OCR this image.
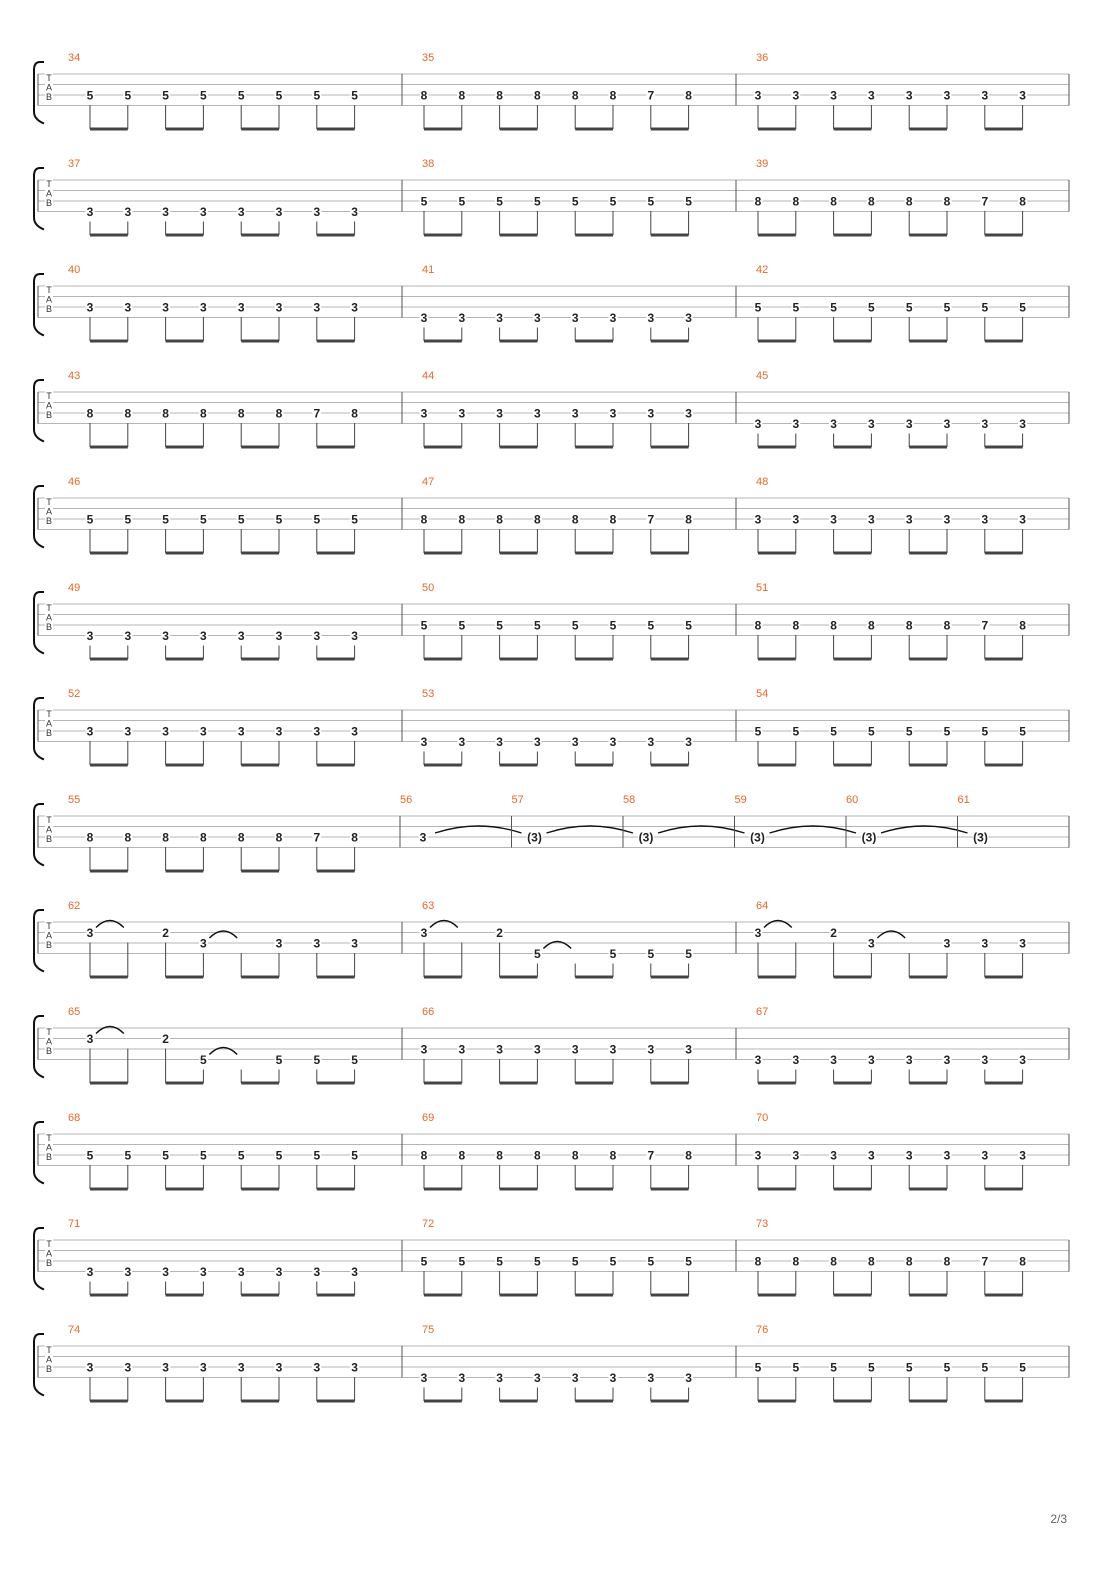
T
A
B
34
5	5	5	5	5	5	5	5
35
8	8	8	8	8	8	7	8
36
3	3	3	3	3	3	3	3
T
A
B
37
3	3	3	3	3	3	3	3
38
5	5	5	5	5	5	5	5
39
8	8	8	8	8	8	7	8
T
A
B
40
3	3	3	3	3	3	3	3
41
3	3	3	3	3	3	3	3
42
5	5	5	5	5	5	5	5
T
A
B
43
8	8	8	8	8	8	7	8
44
3	3	3	3	3	3	3	3
45
3	3	3	3	3	3	3	3
T
A
B
46
5	5	5	5	5	5	5	5
47
8	8	8	8	8	8	7	8
48
3	3	3	3	3	3	3	3
T
A
B
49
3	3	3	3	3	3	3	3
50
5	5	5	5	5	5	5	5
51
8	8	8	8	8	8	7	8
T
A
B
52
3	3	3	3	3	3	3	3
53
3	3	3	3	3	3	3	3
54
5	5	5	5	5	5	5	5
T
A
B
55
8	8	8	8	8	8	7	8
56
3
57
(3)
58
(3)
59
(3)
60
(3)
61
(3)
T
A
B
62
3	2
3	3	3	3
63
3	2
5	5	5	5
64
3	2
3	3	3	3
T
A
B
65
3	2
5	5	5	5
66
3	3	3	3	3	3	3	3
67
3	3	3	3	3	3	3	3
T
A
B
68
5	5	5	5	5	5	5	5
69
8	8	8	8	8	8	7	8
70
3	3	3	3	3	3	3	3
T
A
B
71
3	3	3	3	3	3	3	3
72
5	5	5	5	5	5	5	5
73
8	8	8	8	8	8	7	8
T
A
B
74
3	3	3	3	3	3	3	3
75
3	3	3	3	3	3	3	3
76
5	5	5	5	5	5	5	5
2/3
